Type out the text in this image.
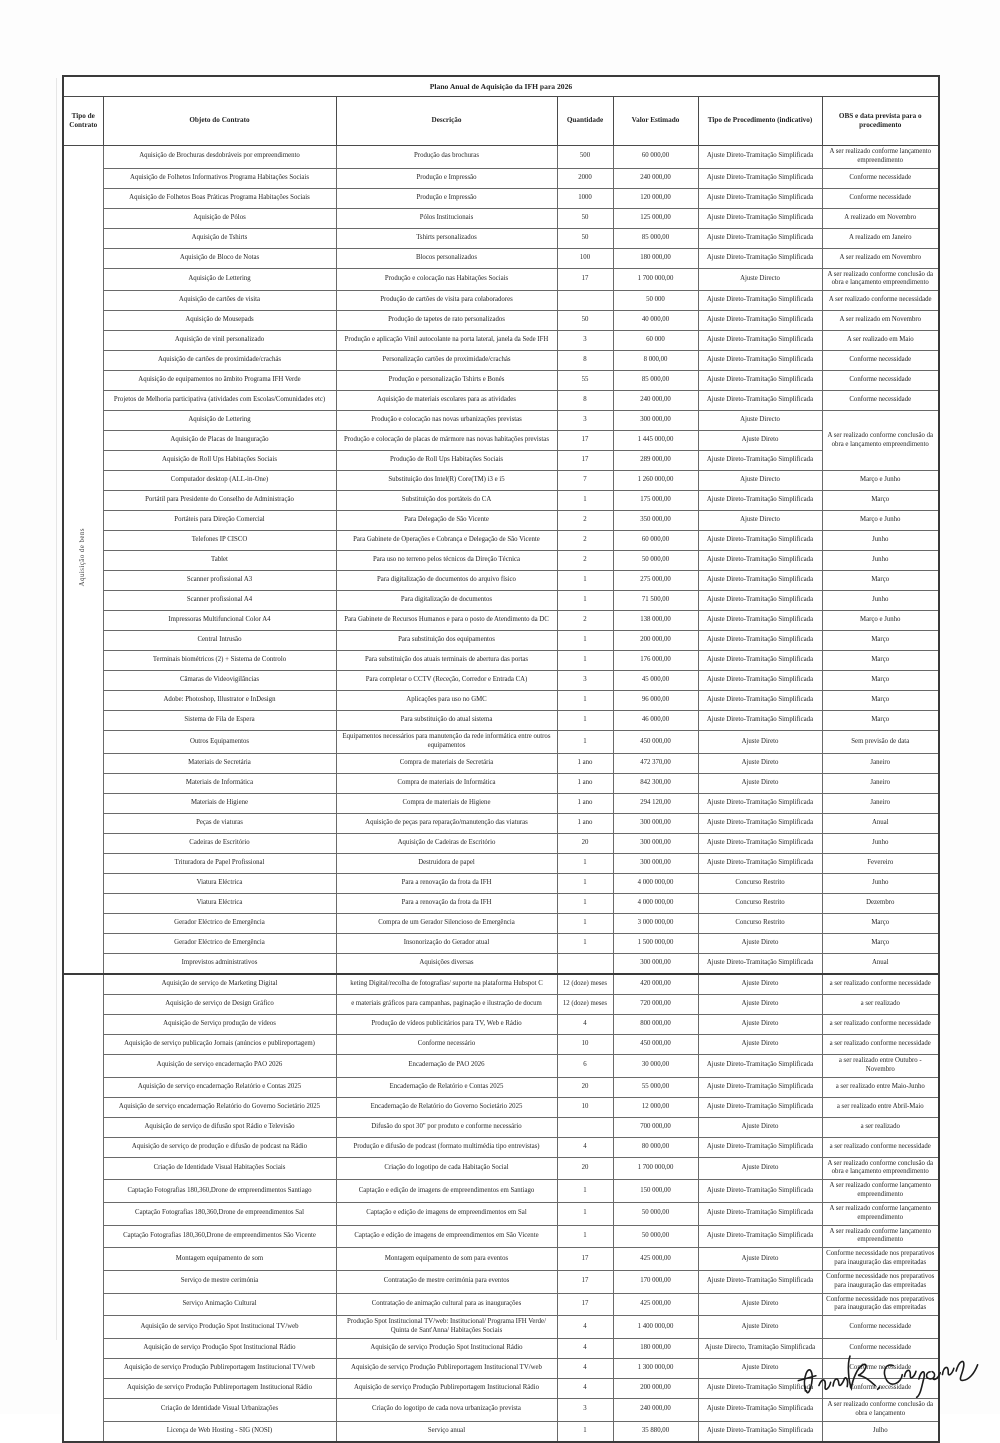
Plano Anual de Aquisição da IFH para 2026						
Tipo de Contrato	Objeto do Contrato	Descrição	Quantidade	Valor Estimado	Tipo de Procedimento (indicativo)	OBS e data prevista para o procedimento
Aquisição de bens	Aquisição de Brochuras desdobráveis por empreendimento	Produção das brochuras	500	60 000,00	Ajuste Direto-Tramitação Simplificada	A ser realizado conforme lançamento empreendimento
	Aquisição de Folhetos Informativos Programa Habitações Sociais	Produção e Impressão	2000	240 000,00	Ajuste Direto-Tramitação Simplificada	Conforme necessidade
	Aquisição de Folhetos Boas Práticas Programa Habitações Sociais	Produção e Impressão	1000	120 000,00	Ajuste Direto-Tramitação Simplificada	Conforme necessidade
	Aquisição de Pólos	Pólos Institucionais	50	125 000,00	Ajuste Direto-Tramitação Simplificada	A realizado em Novembro
	Aquisição de Tshirts	Tshirts personalizados	50	85 000,00	Ajuste Direto-Tramitação Simplificada	A realizado em Janeiro
	Aquisição de Bloco de Notas	Blocos personalizados	100	180 000,00	Ajuste Direto-Tramitação Simplificada	A ser realizado em Novembro
	Aquisição de Lettering	Produção e colocação nas Habitações Sociais	17	1 700 000,00	Ajuste Directo	A ser realizado conforme conclusão da obra e lançamento empreendimento
	Aquisição de cartões de visita	Produção de cartões de visita para colaboradores		50 000	Ajuste Direto-Tramitação Simplificada	A ser realizado conforme necessidade
	Aquisição de Mousepads	Produção de tapetes de rato personalizados	50	40 000,00	Ajuste Direto-Tramitação Simplificada	A ser realizado em Novembro
	Aquisição de vinil personalizado	Produção e aplicação Vinil autocolante na porta lateral, janela da Sede IFH	3	60 000	Ajuste Direto-Tramitação Simplificada	A ser realizado em Maio
	Aquisição de cartões de proximidade/crachás	Personalização cartões de proximidade/crachás	8	8 000,00	Ajuste Direto-Tramitação Simplificada	Conforme necessidade
	Aquisição de equipamentos no âmbito Programa IFH Verde	Produção e personalização Tshirts e Bonés	55	85 000,00	Ajuste Direto-Tramitação Simplificada	Conforme necessidade
	Projetos de Melhoria participativa (atividades com Escolas/Comunidades etc)	Aquisição de materiais escolares para as atividades	8	240 000,00	Ajuste Direto-Tramitação Simplificada	Conforme necessidade
	Aquisição de Lettering	Produção e colocação nas novas urbanizações previstas	3	300 000,00	Ajuste Directo	A ser realizado conforme conclusão da obra e lançamento empreendimento
	Aquisição de Placas de Inauguração	Produção e colocação de placas de mármore nas novas habitações previstas	17	1 445 000,00	Ajuste Direto	
	Aquisição de Roll Ups Habitações Sociais	Produção de Roll Ups Habitações Sociais	17	289 000,00	Ajuste Direto-Tramitação Simplificada	
	Computador desktop (ALL-in-One)	Substituição dos Intel(R) Core(TM) i3 e i5	7	1 260 000,00	Ajuste Directo	Março e Junho
	Portátil para Presidente do Conselho de Administração	Substituição dos portáteis do CA	1	175 000,00	Ajuste Direto-Tramitação Simplificada	Março
	Portáteis para Direção Comercial	Para Delegação de São Vicente	2	350 000,00	Ajuste Directo	Março e Junho
	Telefones IP CISCO	Para Gabinete de Operações e Cobrança e Delegação de São Vicente	2	60 000,00	Ajuste Direto-Tramitação Simplificada	Junho
	Tablet	Para uso no terreno pelos técnicos da Direção Técnica	2	50 000,00	Ajuste Direto-Tramitação Simplificada	Junho
	Scanner profissional A3	Para digitalização de documentos do arquivo físico	1	275 000,00	Ajuste Direto-Tramitação Simplificada	Março
	Scanner profissional A4	Para digitalização de documentos	1	71 500,00	Ajuste Direto-Tramitação Simplificada	Junho
	Impressoras Multifuncional Color A4	Para Gabinete de Recursos Humanos e para o posto de Atendimento da DC	2	138 000,00	Ajuste Direto-Tramitação Simplificada	Março e Junho
	Central Intrusão	Para substituição dos equipamentos	1	200 000,00	Ajuste Direto-Tramitação Simplificada	Março
	Terminais biométricos (2) + Sistema de Controlo	Para substituição dos atuais terminais de abertura das portas	1	176 000,00	Ajuste Direto-Tramitação Simplificada	Março
	Câmaras de Videovigilâncias	Para completar o CCTV (Receção, Corredor e Entrada CA)	3	45 000,00	Ajuste Direto-Tramitação Simplificada	Março
	Adobe: Photoshop, Illustrator e InDesign	Aplicações para uso no GMC	1	96 000,00	Ajuste Direto-Tramitação Simplificada	Março
	Sistema de Fila de Espera	Para substituição do atual sistema	1	46 000,00	Ajuste Direto-Tramitação Simplificada	Março
	Outros Equipamentos	Equipamentos necessários para manutenção da rede informática entre outros equipamentos	1	450 000,00	Ajuste Direto	Sem previsão de data
	Materiais de Secretária	Compra de materiais de Secretária	1 ano	472 370,00	Ajuste Direto	Janeiro
	Materiais de Informática	Compra de materiais de Informática	1 ano	842 300,00	Ajuste Direto	Janeiro
	Materiais de Higiene	Compra de materiais de Higiene	1 ano	294 120,00	Ajuste Direto-Tramitação Simplificada	Janeiro
	Peças de viaturas	Aquisição de peças para reparação/manutenção das viaturas	1 ano	300 000,00	Ajuste Direto-Tramitação Simplificada	Anual
	Cadeiras de Escritório	Aquisição de Cadeiras de Escritório	20	300 000,00	Ajuste Direto-Tramitação Simplificada	Junho
	Trituradora de Papel Profissional	Destruidora de papel	1	300 000,00	Ajuste Direto-Tramitação Simplificada	Fevereiro
	Viatura Eléctrica	Para a renovação da frota da IFH	1	4 000 000,00	Concurso Restrito	Junho
	Viatura Eléctrica	Para a renovação da frota da IFH	1	4 000 000,00	Concurso Restrito	Dezembro
	Gerador Eléctrico de Emergência	Compra de um Gerador Silencioso de Emergência	1	3 000 000,00	Concurso Restrito	Março
	Gerador Eléctrico de Emergência	Insonorização do Gerador atual	1	1 500 000,00	Ajuste Direto	Março
	Imprevistos administrativos	Aquisições diversas		300 000,00	Ajuste Direto-Tramitação Simplificada	Anual
	Aquisição de serviço de Marketing Digital	keting Digital/recolha de fotografias/ suporte na plataforma Hubspot C	12 (doze) meses	420 000,00	Ajuste Direto	a ser realizado conforme necessidade
	Aquisição de serviço de Design Gráfico	e materiais gráficos para campanhas, paginação e ilustração de docum	12 (doze) meses	720 000,00	Ajuste Direto	a ser realizado
	Aquisição de Serviço produção de vídeos	Produção de vídeos publicitários para TV, Web e Rádio	4	800 000,00	Ajuste Direto	a ser realizado conforme necessidade
	Aquisição de serviço publicação Jornais (anúncios e publireportagem)	Conforme necessário	10	450 000,00	Ajuste Direto	a ser realizado conforme necessidade
	Aquisição de serviço encadernação PAO 2026	Encadernação de PAO 2026	6	30 000,00	Ajuste Direto-Tramitação Simplificada	a ser realizado entre Outubro - Novembro
	Aquisição de serviço encadernação Relatório e Contas 2025	Encadernação de Relatório e Contas 2025	20	55 000,00	Ajuste Direto-Tramitação Simplificada	a ser realizado entre Maio-Junho
	Aquisição de serviço encadernação Relatório do Governo Societário 2025	Encadernação de Relatório do Governo Societário 2025	10	12 000,00	Ajuste Direto-Tramitação Simplificada	a ser realizado entre Abril-Maio
	Aquisição de serviço de difusão spot Rádio e Televisão	Difusão do spot 30" por produto e conforme necessário		700 000,00	Ajuste Direto	a ser realizado
	Aquisição de serviço de produção e difusão de podcast na Rádio	Produção e difusão de podcast (formato multimédia tipo entrevistas)	4	80 000,00	Ajuste Direto-Tramitação Simplificada	a ser realizado conforme necessidade
	Criação de Identidade Visual Habitações Sociais	Criação do logotipo de cada Habitação Social	20	1 700 000,00	Ajuste Direto	A ser realizado conforme conclusão da obra e lançamento empreendimento
	Captação Fotografias 180,360,Drone de empreendimentos Santiago	Captação e edição de imagens de empreendimentos em Santiago	1	150 000,00	Ajuste Direto-Tramitação Simplificada	A ser realizado conforme lançamento empreendimento
	Captação Fotografias 180,360,Drone de empreendimentos Sal	Captação e edição de imagens de empreendimentos em Sal	1	50 000,00	Ajuste Direto-Tramitação Simplificada	A ser realizado conforme lançamento empreendimento
	Captação Fotografias 180,360,Drone de empreendimentos São Vicente	Captação e edição de imagens de empreendimentos em São Vicente	1	50 000,00	Ajuste Direto-Tramitação Simplificada	A ser realizado conforme lançamento empreendimento
	Montagem equipamento de som	Montagem equipamento de som para eventos	17	425 000,00	Ajuste Direto	Conforme necessidade nos preparativos para inauguração das empreitadas
	Serviço de mestre cerimónia	Contratação de mestre cerimónia para eventos	17	170 000,00	Ajuste Direto-Tramitação Simplificada	Conforme necessidade nos preparativos para inauguração das empreitadas
	Serviço Animação Cultural	Contratação de animação cultural para as inaugurações	17	425 000,00	Ajuste Direto	Conforme necessidade nos preparativos para inauguração das empreitadas
	Aquisição de serviço Produção Spot Institucional TV/web	Produção Spot Institucional TV/web: Institucional/ Programa IFH Verde/ Quinta de Sant'Anna/ Habitações Sociais	4	1 400 000,00	Ajuste Direto	Conforme necessidade
	Aquisição de serviço Produção Spot Institucional Rádio	Aquisição de serviço Produção Spot Institucional Rádio	4	180 000,00	Ajuste Directo, Tramitação Simplificada	Conforme necessidade
	Aquisição de serviço Produção Publireportagem Institucional TV/web	Aquisição de serviço Produção Publireportagem Institucional TV/web	4	1 300 000,00	Ajuste Direto	Conforme necessidade
	Aquisição de serviço Produção Publireportagem Institucional Rádio	Aquisição de serviço Produção Publireportagem Institucional Rádio	4	200 000,00	Ajuste Direto-Tramitação Simplificada	Conforme necessidade
	Criação de Identidade Visual Urbanizações	Criação do logotipo de cada nova urbanização prevista	3	240 000,00	Ajuste Direto-Tramitação Simplificada	A ser realizado conforme conclusão da obra e lançamento
	Licença de Web Hosting - SIG (NOSI)	Serviço anual	1	35 880,00	Ajuste Direto-Tramitação Simplificada	Julho
